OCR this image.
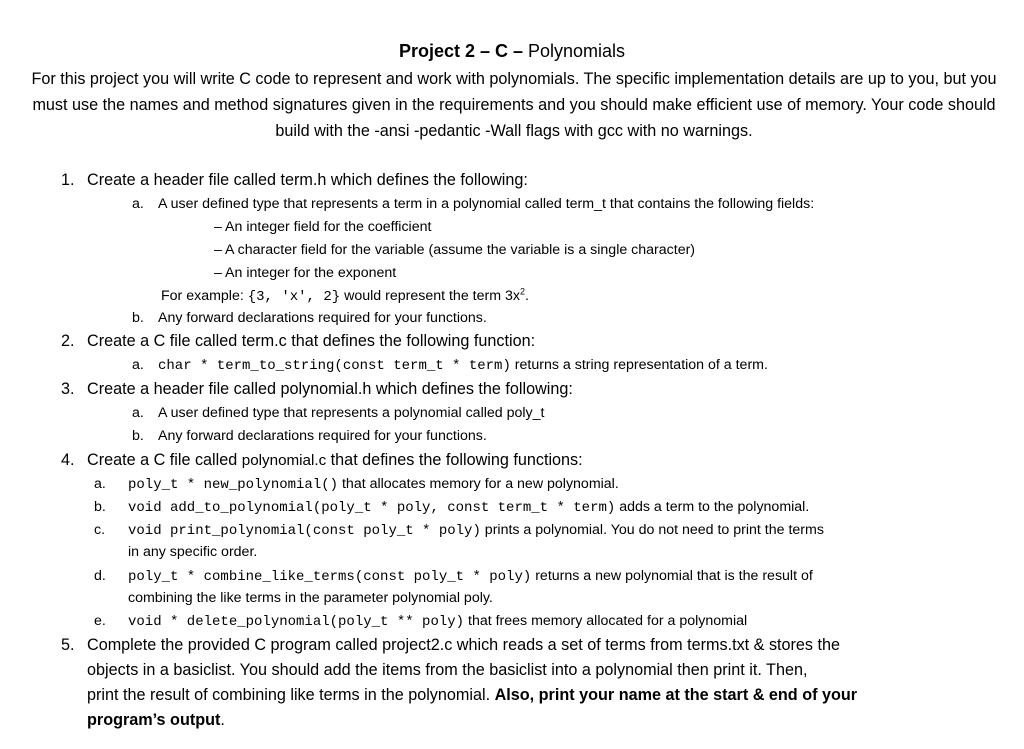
Project 2 – C – Polynomials
For this project you will write C code to represent and work with polynomials. The specific implementation details are up to you, but you must use the names and method signatures given in the requirements and you should make efficient use of memory. Your code should build with the -ansi -pedantic -Wall flags with gcc with no warnings.
1. Create a header file called term.h which defines the following:
a. A user defined type that represents a term in a polynomial called term_t that contains the following fields:
– An integer field for the coefficient
– A character field for the variable (assume the variable is a single character)
– An integer for the exponent
For example: {3, 'x', 2} would represent the term $3x^2$.
b. Any forward declarations required for your functions.
2. Create a C file called term.c that defines the following function:
a. char * term_to_string(const term_t * term) returns a string representation of a term.
3. Create a header file called polynomial.h which defines the following:
a. A user defined type that represents a polynomial called poly_t
b. Any forward declarations required for your functions.
4. Create a C file called polynomial.c that defines the following functions:
a. poly_t * new_polynomial() that allocates memory for a new polynomial.
b. void add_to_polynomial(poly_t * poly, const term_t * term) adds a term to the polynomial.
c. void print_polynomial(const poly_t * poly) prints a polynomial. You do not need to print the terms
in any specific order.
d. poly_t * combine_like_terms(const poly_t * poly) returns a new polynomial that is the result of
combining the like terms in the parameter polynomial poly.
e. void * delete_polynomial(poly_t ** poly) that frees memory allocated for a polynomial
5. Complete the provided C program called project2.c which reads a set of terms from terms.txt & stores the
objects in a basiclist. You should add the items from the basiclist into a polynomial then print it. Then,
print the result of combining like terms in the polynomial. Also, print your name at the start & end of your
program’s output.
